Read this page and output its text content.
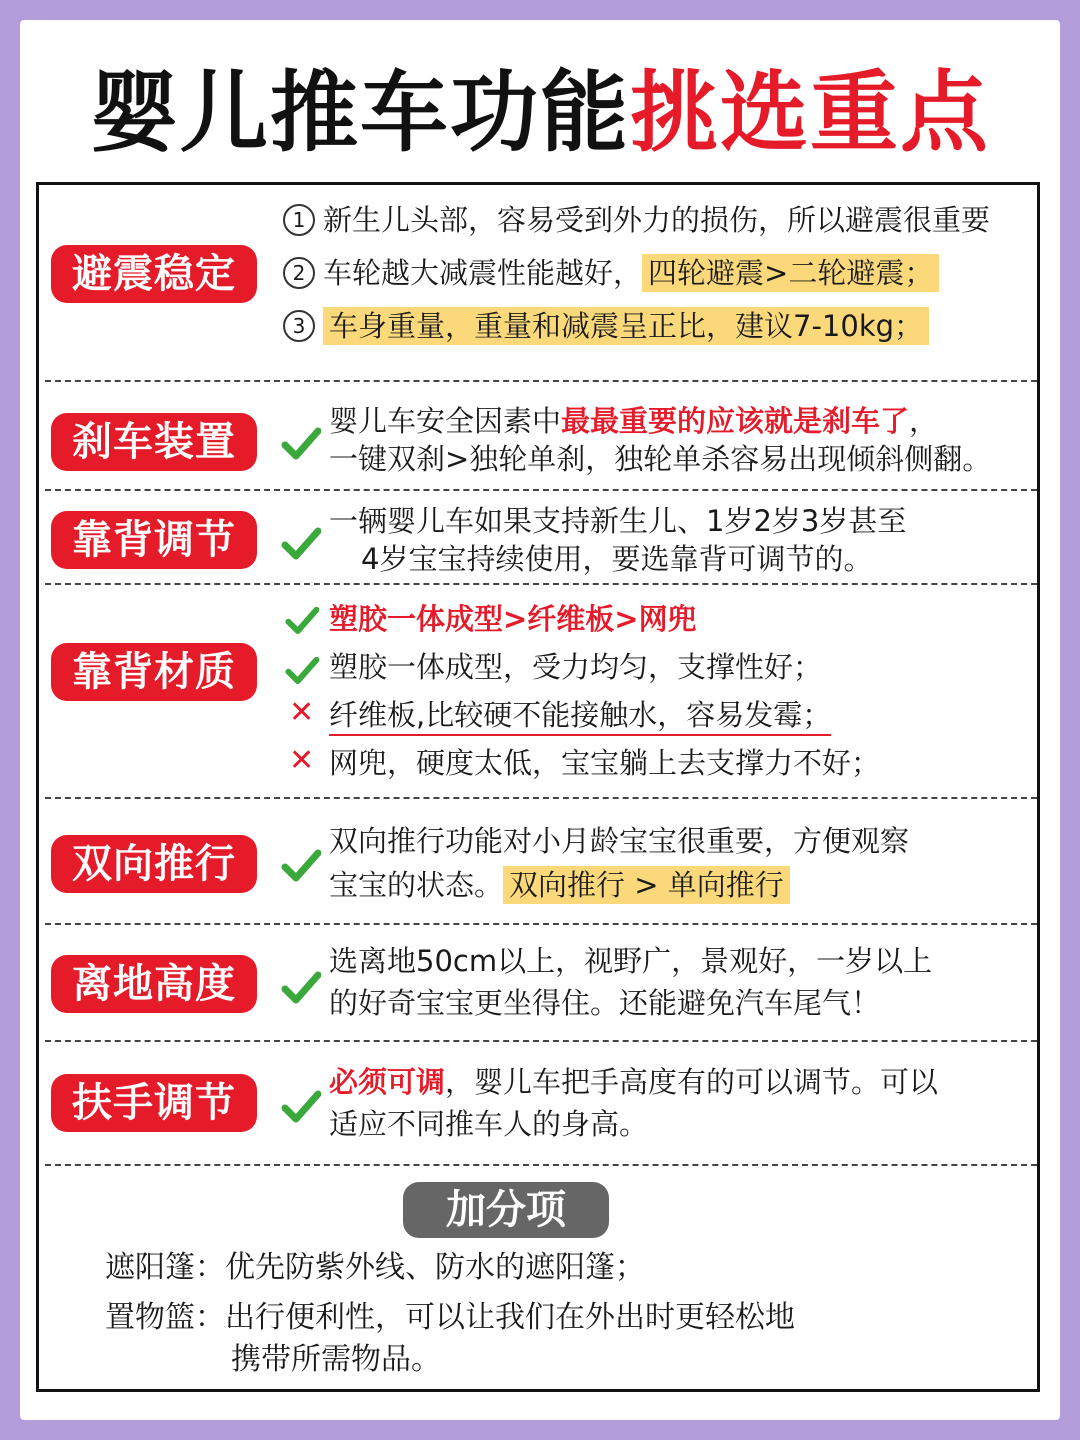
婴儿推车功能挑选重点
避震稳定
1 新生儿头部，容易受到外力的损伤，所以避震很重要
2 车轮越大减震性能越好， 四轮避震>二轮避震；
3 车身重量，重量和减震呈正比，建议7-10kg；
刹车装置	婴儿车安全因素中最最重要的应该就是刹车了，
一键双刹>独轮单刹，独轮单杀容易出现倾斜侧翻。
靠背调节	一辆婴儿车如果支持新生儿、1岁2岁3岁甚至
4岁宝宝持续使用，要选靠背可调节的。
靠背材质
塑胶一体成型>纤维板>网兜
塑胶一体成型，受力均匀，支撑性好；
✕ 纤维板,比较硬不能接触水，容易发霉；
✕ 网兜，硬度太低，宝宝躺上去支撑力不好；
双向推行	双向推行功能对小月龄宝宝很重要，方便观察
宝宝的状态。 双向推行 > 单向推行
离地高度	选离地50cm以上，视野广，景观好，一岁以上
的好奇宝宝更坐得住。还能避免汽车尾气！
扶手调节	必须可调，婴儿车把手高度有的可以调节。可以
适应不同推车人的身高。
加分项
遮阳篷：优先防紫外线、防水的遮阳篷；
置物篮：出行便利性，可以让我们在外出时更轻松地
携带所需物品。
